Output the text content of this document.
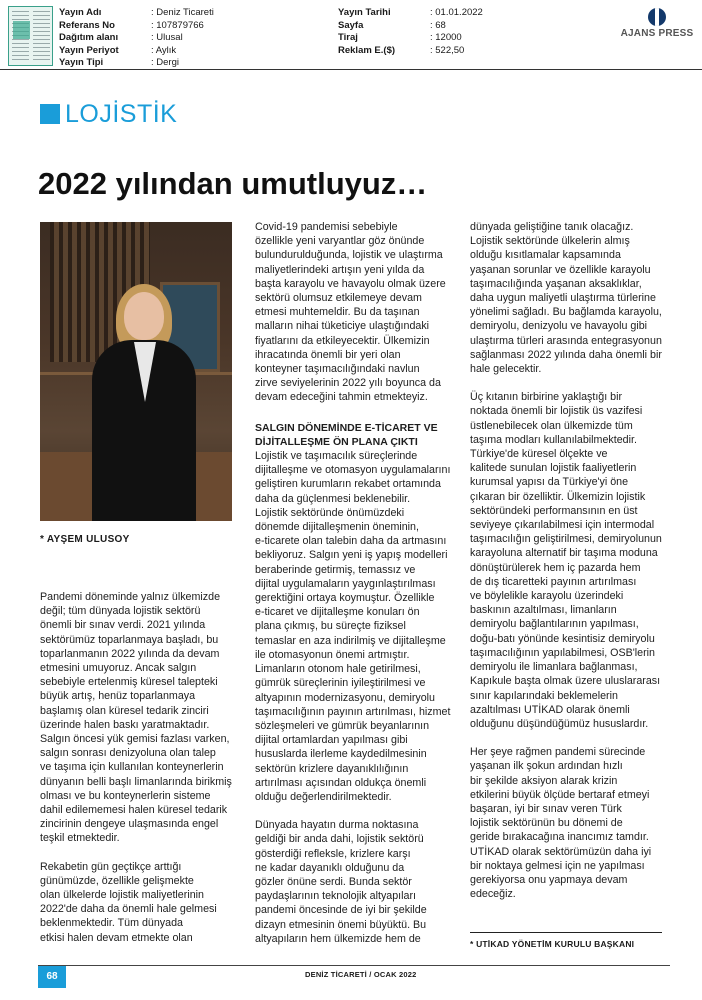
Yayın Adı	: Deniz Ticareti
Referans No	: 107879766
Dağıtım alanı	: Ulusal
Yayın Periyot	: Aylık
Yayın Tipi	: Dergi
Yayın Tarihi	: 01.01.2022
Sayfa	: 68
Tiraj	: 12000
Reklam E.($)	: 522,50
AJANS PRESS
LOJİSTİK
2022 yılından umutluyuz…
* AYŞEM ULUSOY

Pandemi döneminde yalnız ülkemizde

değil; tüm dünyada lojistik sektörü

önemli bir sınav verdi. 2021 yılında

sektörümüz toparlanmaya başladı, bu

toparlanmanın 2022 yılında da devam

etmesini umuyoruz. Ancak salgın

sebebiyle ertelenmiş küresel talepteki

büyük artış, henüz toparlanmaya

başlamış olan küresel tedarik zinciri

üzerinde halen baskı yaratmaktadır.

Salgın öncesi yük gemisi fazlası varken,

salgın sonrası denizyoluna olan talep

ve taşıma için kullanılan konteynerlerin

dünyanın belli başlı limanlarında birikmiş

olması ve bu konteynerlerin sisteme

dahil edilememesi halen küresel tedarik

zincirinin dengeye ulaşmasında engel

teşkil etmektedir.

Rekabetin gün geçtikçe arttığı

günümüzde, özellikle gelişmekte

olan ülkelerde lojistik maliyetlerinin

2022'de daha da önemli hale gelmesi

beklenmektedir. Tüm dünyada

etkisi halen devam etmekte olan

Covid-19 pandemisi sebebiyle

özellikle yeni varyantlar göz önünde

bulundurulduğunda, lojistik ve ulaştırma

maliyetlerindeki artışın yeni yılda da

başta karayolu ve havayolu olmak üzere

sektörü olumsuz etkilemeye devam

etmesi muhtemeldir. Bu da taşınan

malların nihai tüketiciye ulaştığındaki

fiyatlarını da etkileyecektir. Ülkemizin

ihracatında önemli bir yeri olan

konteyner taşımacılığındaki navlun

zirve seviyelerinin 2022 yılı boyunca da

devam edeceğini tahmin etmekteyiz.

SALGIN DÖNEMİNDE E-TİCARET VE

DİJİTALLEŞME ÖN PLANA ÇIKTI

Lojistik ve taşımacılık süreçlerinde

dijitalleşme ve otomasyon uygulamalarını

geliştiren kurumların rekabet ortamında

daha da güçlenmesi beklenebilir.

Lojistik sektöründe önümüzdeki

dönemde dijitalleşmenin öneminin,

e-ticarete olan talebin daha da artmasını

bekliyoruz. Salgın yeni iş yapış modelleri

beraberinde getirmiş, temassız ve

dijital uygulamaların yaygınlaştırılması

gerektiğini ortaya koymuştur. Özellikle

e-ticaret ve dijitalleşme konuları ön

plana çıkmış, bu süreçte fiziksel

temaslar en aza indirilmiş ve dijitalleşme

ile otomasyonun önemi artmıştır.

Limanların otonom hale getirilmesi,

gümrük süreçlerinin iyileştirilmesi ve

altyapının modernizasyonu, demiryolu

taşımacılığının payının artırılması, hizmet

sözleşmeleri ve gümrük beyanlarının

dijital ortamlardan yapılması gibi

hususlarda ilerleme kaydedilmesinin

sektörün krizlere dayanıklılığının

artırılması açısından oldukça önemli

olduğu değerlendirilmektedir.

Dünyada hayatın durma noktasına

geldiği bir anda dahi, lojistik sektörü

gösterdiği reflekslе, krizlere karşı

ne kadar dayanıklı olduğunu da

gözler önüne serdi. Bunda sektör

paydaşlarının teknolojik altyapıları

pandemi öncesinde de iyi bir şekilde

dizayn etmesinin önemi büyüktü. Bu

altyapıların hem ülkemizde hem de

dünyada geliştiğine tanık olacağız.

Lojistik sektöründe ülkelerin almış

olduğu kısıtlamalar kapsamında

yaşanan sorunlar ve özellikle karayolu

taşımacılığında yaşanan aksaklıklar,

daha uygun maliyetli ulaştırma türlerine

yönelimi sağladı. Bu bağlamda karayolu,

demiryolu, denizyolu ve havayolu gibi

ulaştırma türleri arasında entegrasyonun

sağlanması 2022 yılında daha önemli bir

hale gelecektir.

Üç kıtanın birbirine yaklaştığı bir

noktada önemli bir lojistik üs vazifesi

üstlenebilecek olan ülkemizde tüm

taşıma modları kullanılabilmektedir.

Türkiye'de küresel ölçekte ve

kalitede sunulan lojistik faaliyetlerin

kurumsal yapısı da Türkiye'yi öne

çıkaran bir özelliktir. Ülkemizin lojistik

sektöründeki performansının en üst

seviyeye çıkarılabilmesi için intermodal

taşımacılığın geliştirilmesi, demiryolunun

karayoluna alternatif bir taşıma moduna

dönüştürülerek hem iç pazarda hem

de dış ticaretteki payının artırılması

ve böylelikle karayolu üzerindeki

baskının azaltılması, limanların

demiryolu bağlantılarının yapılması,

doğu-batı yönünde kesintisiz demiryolu

taşımacılığının yapılabilmesi, OSB'lerin

demiryolu ile limanlara bağlanması,

Kapıkule başta olmak üzere uluslararası

sınır kapılarındaki beklemelerin

azaltılması UTİKAD olarak önemli

olduğunu düşündüğümüz hususlardır.

Her şeye rağmen pandemi sürecinde

yaşanan ilk şokun ardından hızlı

bir şekilde aksiyon alarak krizin

etkilerini büyük ölçüde bertaraf etmeyi

başaran, iyi bir sınav veren Türk

lojistik sektörünün bu dönemi de

geride bırakacağına inancımız tamdır.

UTİKAD olarak sektörümüzün daha iyi

bir noktaya gelmesi için ne yapılması

gerekiyorsa onu yapmaya devam

edeceğiz.

* UTİKAD YÖNETİM KURULU BAŞKANI
68	DENİZ TİCARETİ / OCAK 2022
